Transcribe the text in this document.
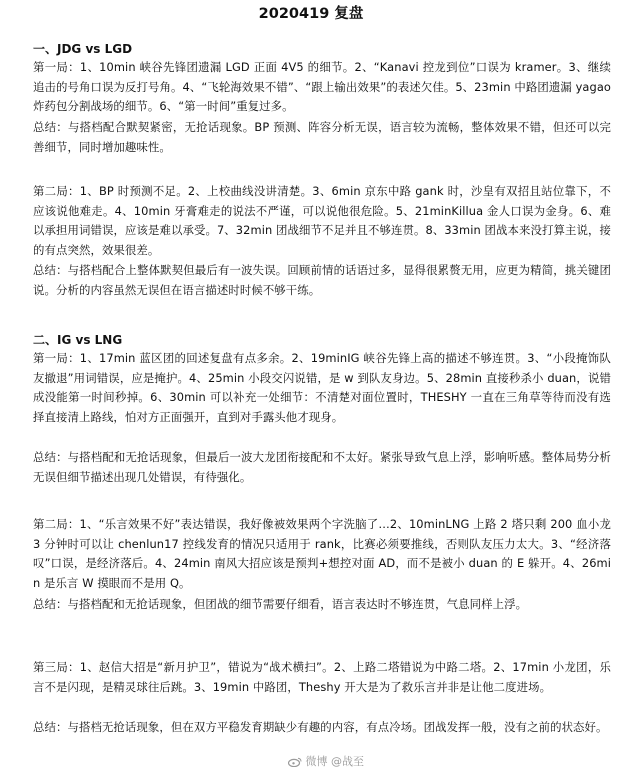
2020419 复盘
一、JDG vs LGD
第一局：1、10min 峡谷先锋团遗漏 LGD 正面 4V5 的细节。2、“Kanavi 控龙到位”口误为 kramer。3、继续追击的号角口误为反打号角。4、“飞轮海效果不错”、“跟上输出效果”的表述欠佳。5、23min 中路团遗漏 yagao 炸药包分割战场的细节。6、“第一时间”重复过多。
总结：与搭档配合默契紧密，无抢话现象。BP 预测、阵容分析无误，语言较为流畅，整体效果不错，但还可以完善细节，同时增加趣味性。
第二局：1、BP 时预测不足。2、上校曲线没讲清楚。3、6min 京东中路 gank 时，沙皇有双招且站位靠下，不应该说他难走。4、10min 牙膏难走的说法不严谨，可以说他很危险。5、21minKillua 金人口误为金身。6、难以承担用词错误，应该是难以承受。7、32min 团战细节不足并且不够连贯。8、33min 团战本来没打算主说，接的有点突然，效果很差。
总结：与搭档配合上整体默契但最后有一波失误。回顾前情的话语过多，显得很累赘无用，应更为精简，挑关键团说。分析的内容虽然无误但在语言描述时时候不够干练。
二、IG vs LNG
第一局：1、17min 蓝区团的回述复盘有点多余。2、19minIG 峡谷先锋上高的描述不够连贯。3、“小段掩饰队友撤退”用词错误，应是掩护。4、25min 小段交闪说错，是 w 到队友身边。5、28min 直接秒杀小 duan，说错成没能第一时间秒掉。6、30min 可以补充一处细节：不清楚对面位置时，THESHY 一直在三角草等待而没有选择直接清上路线，怕对方正面强开，直到对手露头他才现身。
总结：与搭档配和无抢话现象，但最后一波大龙团衔接配和不太好。紧张导致气息上浮，影响听感。整体局势分析无误但细节描述出现几处错误，有待强化。
第二局：1、“乐言效果不好”表达错误，我好像被效果两个字洗脑了…2、10minLNG 上路 2 塔只剩 200 血小龙 3 分钟时可以让 chenlun17 控线发育的情况只适用于 rank，比赛必须要推线，否则队友压力太大。3、“经济落叹”口误，是经济落后。4、24min 南风大招应该是预判+想控对面 AD，而不是被小 duan 的 E 躲开。4、26min 是乐言 W 摸眼而不是用 Q。
总结：与搭档配和无抢话现象，但团战的细节需要仔细看，语言表达时不够连贯，气息同样上浮。
第三局：1、赵信大招是“新月护卫”，错说为“战术横扫”。2、上路二塔错说为中路二塔。2、17min 小龙团，乐言不是闪现，是精灵球往后跳。3、19min 中路团，Theshy 开大是为了救乐言并非是让他二度进场。
总结：与搭档无抢话现象，但在双方平稳发育期缺少有趣的内容，有点冷场。团战发挥一般，没有之前的状态好。
微博 @战至
